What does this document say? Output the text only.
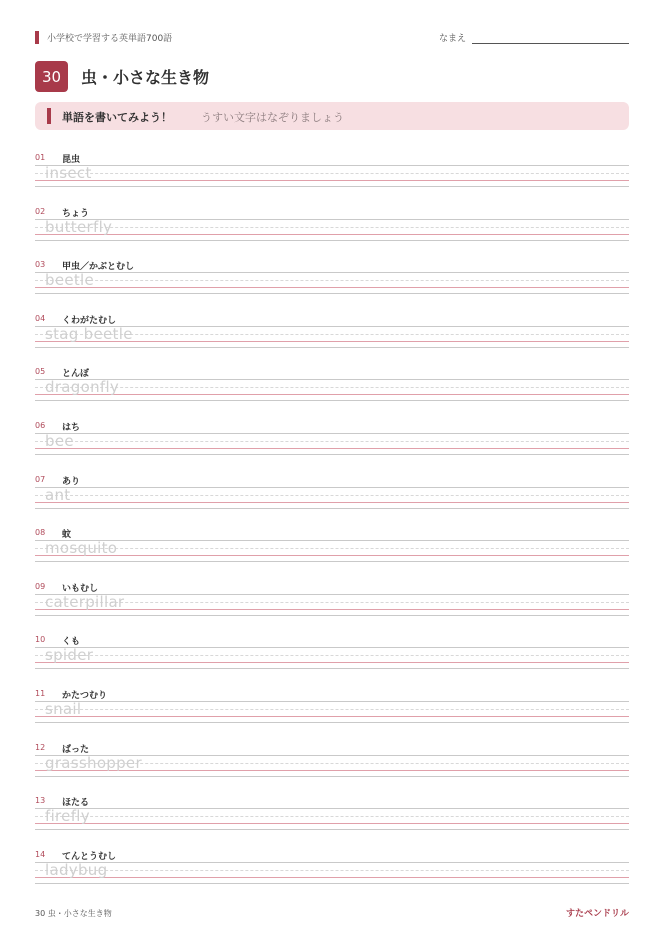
小学校で学習する英単語700語	なまえ
30	虫・小さな生き物
単語を書いてみよう！	うすい文字はなぞりましょう
01 昆虫
insect
02 ちょう
butterfly
03 甲虫／かぶとむし
beetle
04 くわがたむし
stag beetle
05 とんぼ
dragonfly
06 はち
bee
07 あり
ant
08 蚊
mosquito
09 いもむし
caterpillar
10 くも
spider
11 かたつむり
snail
12 ばった
grasshopper
13 ほたる
firefly
14 てんとうむし
ladybug
30 虫・小さな生き物	すたペンドリル
